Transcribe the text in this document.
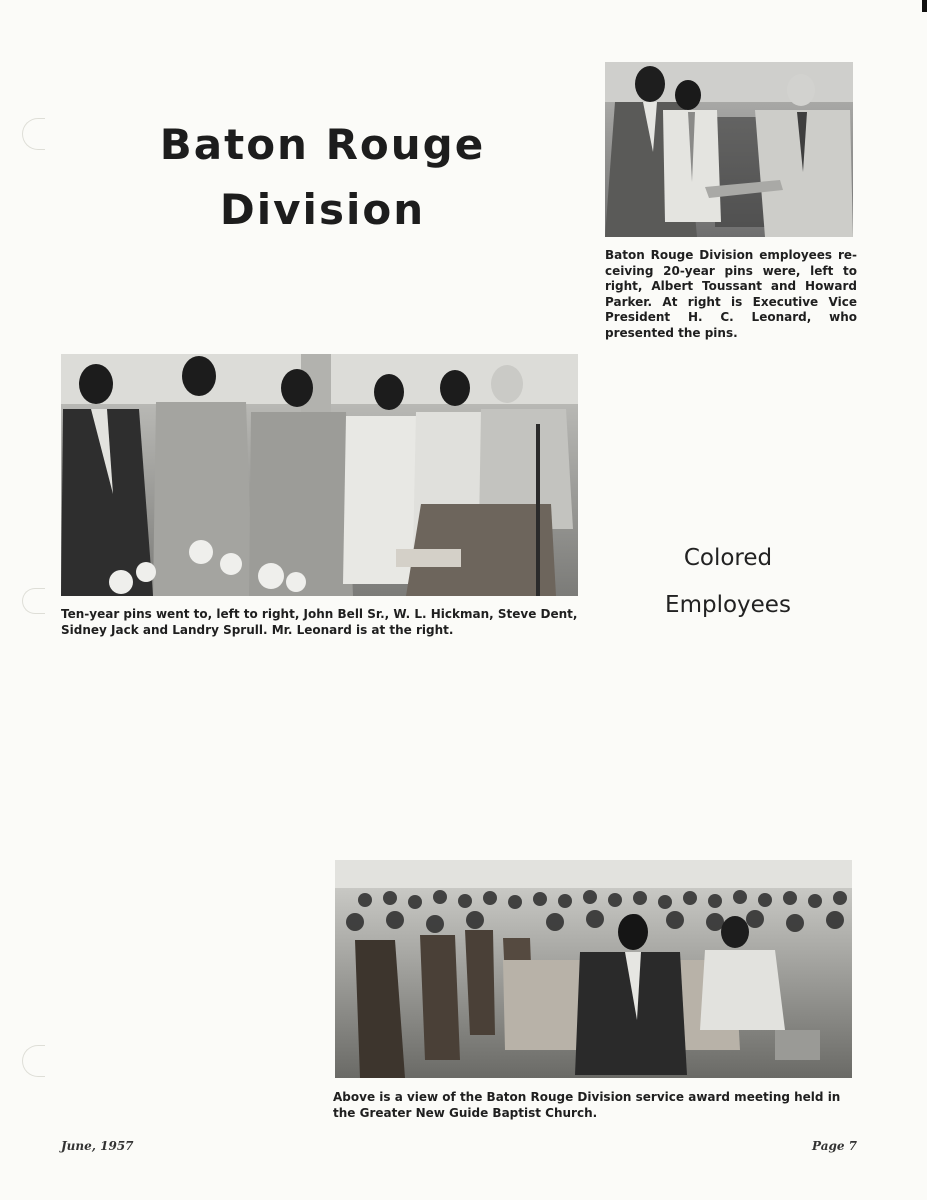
Baton Rouge
Division
Baton Rouge Division employees re-ceiving 20-year pins were, left to right, Albert Toussant and Howard Parker. At right is Executive Vice President H. C. Leonard, who presented the pins.
Ten-year pins went to, left to right, John Bell Sr., W. L. Hickman, Steve Dent, Sidney Jack and Landry Sprull. Mr. Leonard is at the right.
Colored
Employees
Above is a view of the Baton Rouge Division service award meeting held in the Greater New Guide Baptist Church.
June, 1957	Page 7
